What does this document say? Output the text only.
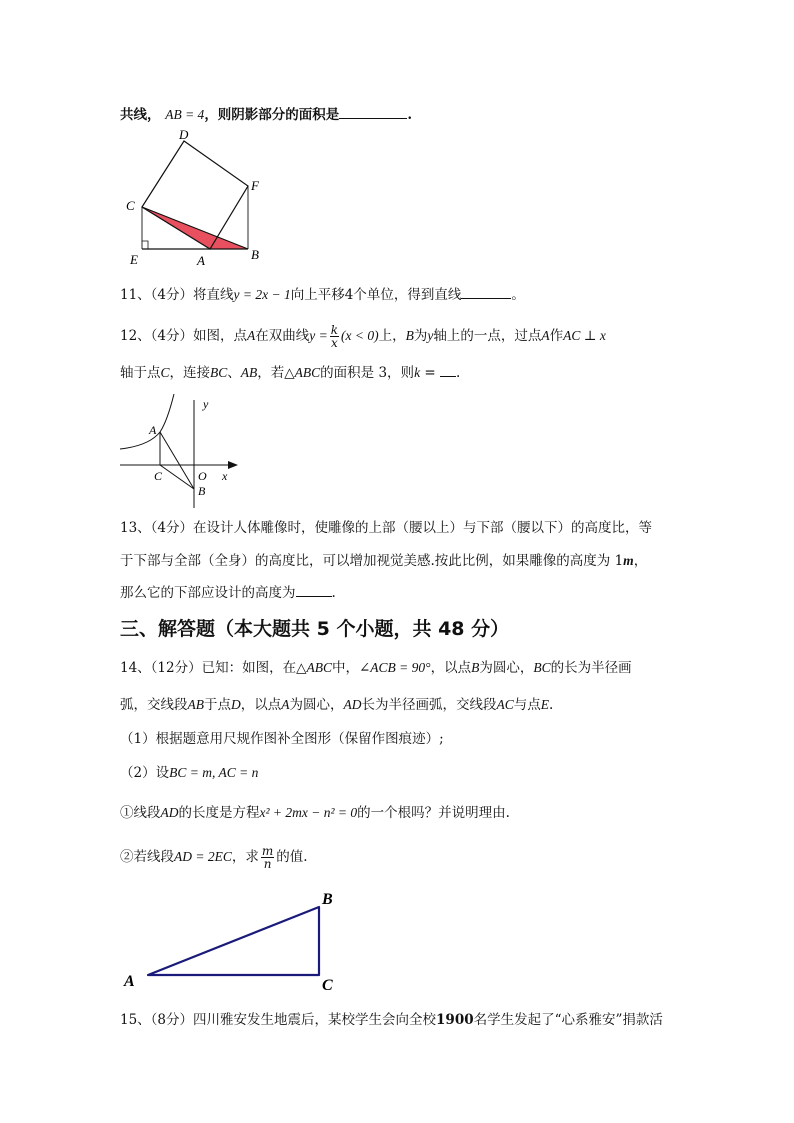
共线， AB = 4，则阴影部分的面积是	.
D
F
C
E	A	B
11、（4分）将直线y = 2x − 1向上平移4个单位，得到直线	。
12、（4分）如图，点A在双曲线$y = \frac{k}{x} (x < 0)$上，B为y轴上的一点，过点A作AC ⊥ x
轴于点C，连接BC、AB，若△ABC的面积是 3，则k = .
y
x
A
C	O
B
13、（4分）在设计人体雕像时，使雕像的上部（腰以上）与下部（腰以下）的高度比，等
于下部与全部（全身）的高度比，可以增加视觉美感.按此比例，如果雕像的高度为 1m，
那么它的下部应设计的高度为	.
三、解答题（本大题共 5 个小题，共 48 分）
14、（12分）已知：如图，在△ABC中，∠ACB = 90°，以点B为圆心，BC的长为半径画
弧，交线段AB于点D，以点A为圆心，AD长为半径画弧，交线段AC与点E.
（1）根据题意用尺规作图补全图形（保留作图痕迹）;
（2）设BC = m, AC = n
①线段AD的长度是方程x² + 2mx − n² = 0的一个根吗？并说明理由.
②若线段AD = 2EC，求 $\frac{m}{n}$ 的值.
A
B
C
15、（8分）四川雅安发生地震后，某校学生会向全校1900名学生发起了“心系雅安”捐款活
